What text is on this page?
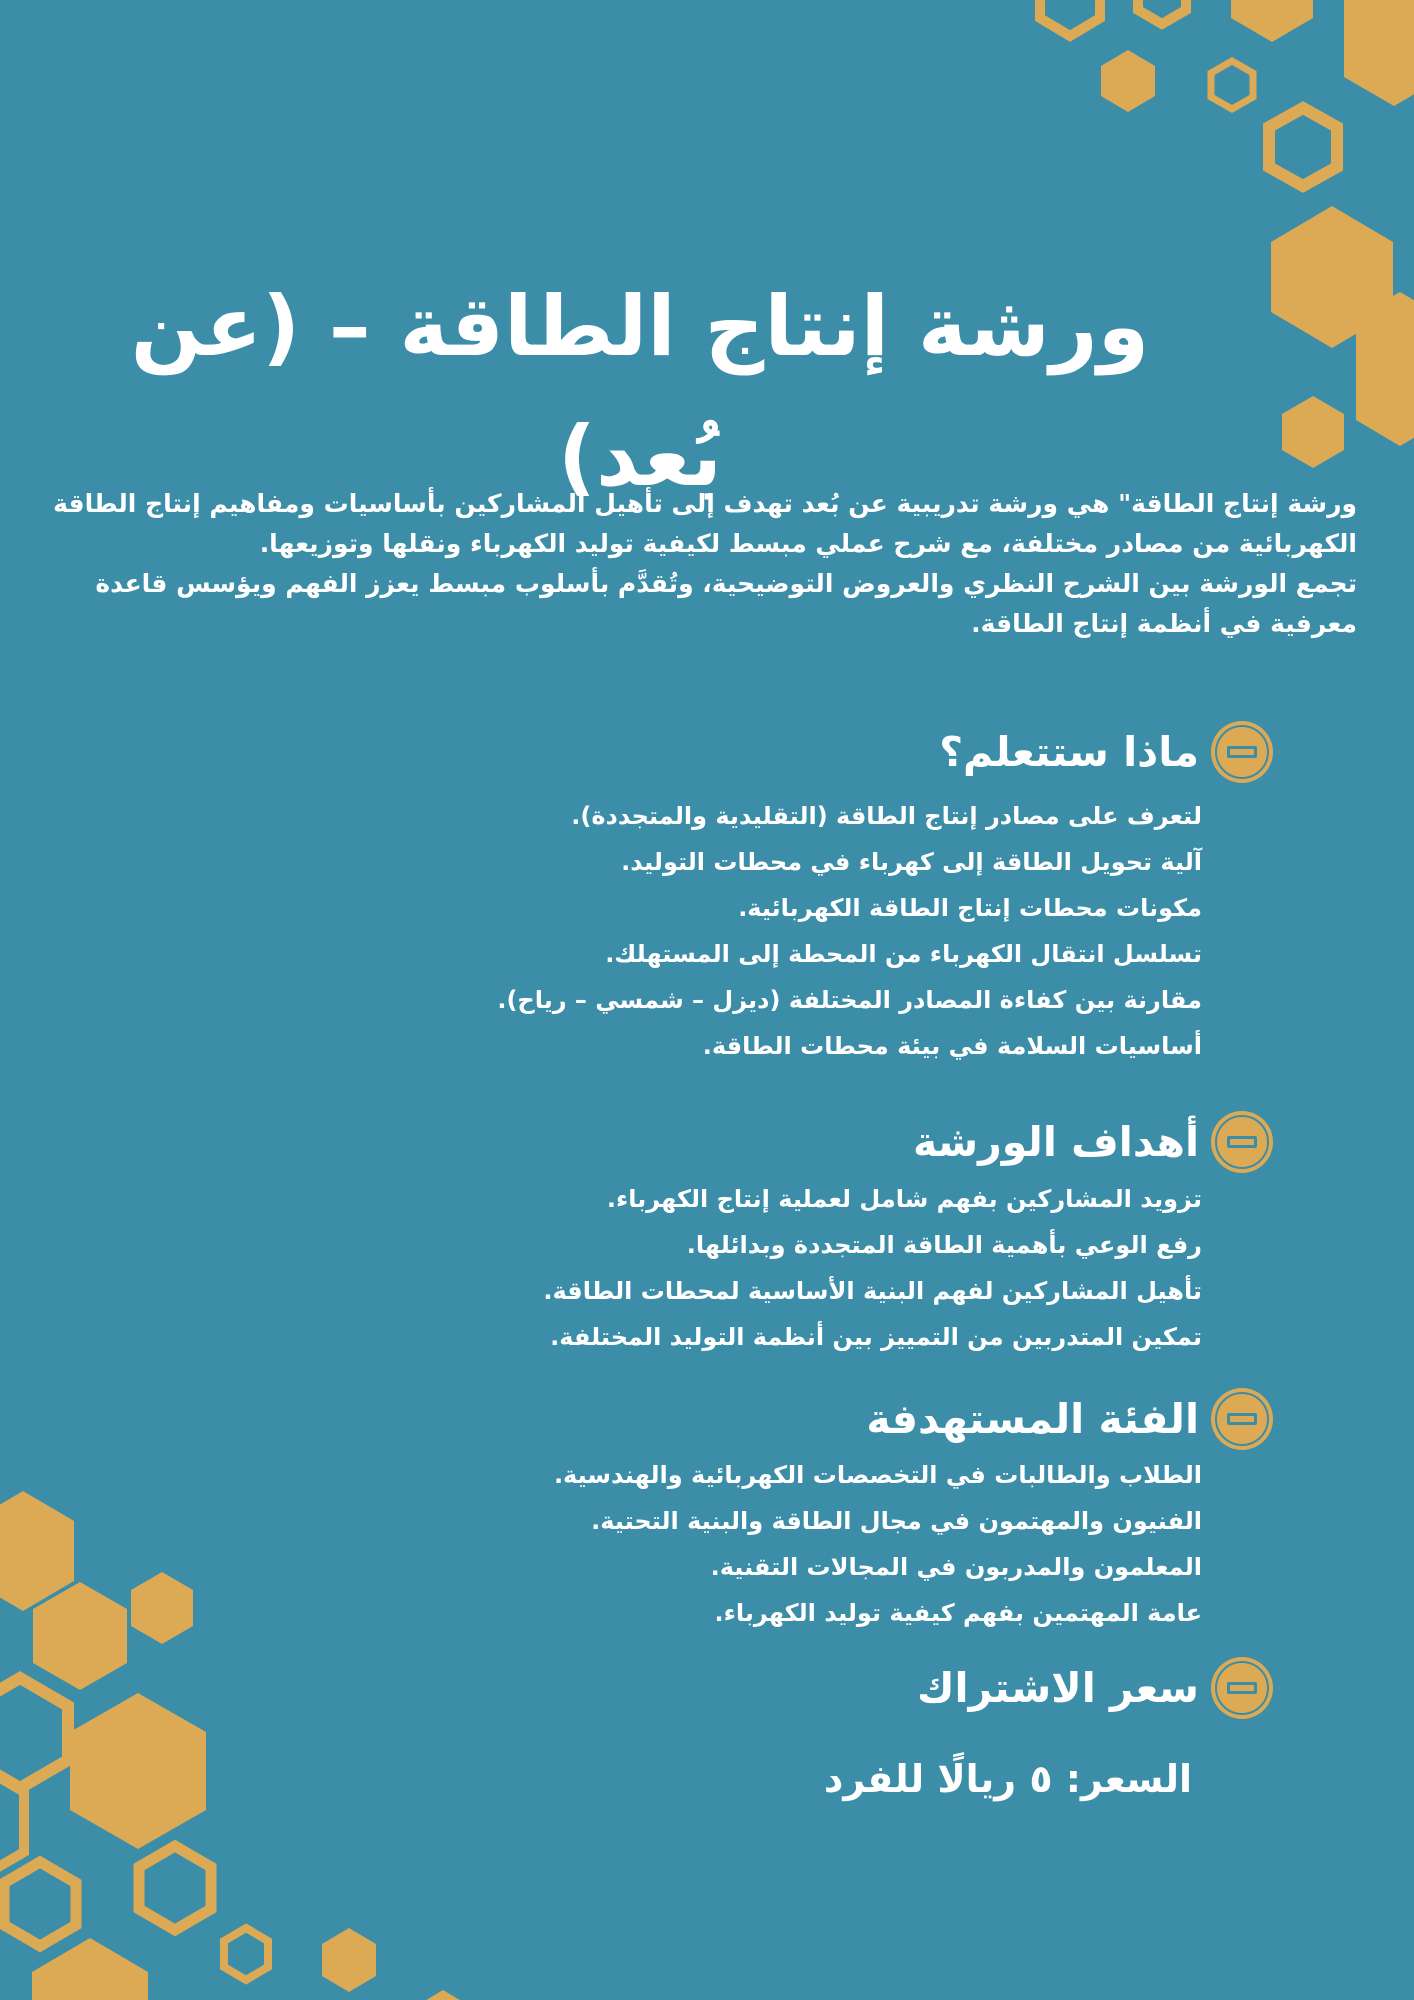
ورشة إنتاج الطاقة – (عن بُعد)

ورشة إنتاج الطاقة" هي ورشة تدريبية عن بُعد تهدف إلى تأهيل المشاركين بأساسيات ومفاهيم إنتاج الطاقة الكهربائية من مصادر مختلفة، مع شرح عملي مبسط لكيفية توليد الكهرباء ونقلها وتوزيعها.

تجمع الورشة بين الشرح النظري والعروض التوضيحية، وتُقدَّم بأسلوب مبسط يعزز الفهم ويؤسس قاعدة معرفية في أنظمة إنتاج الطاقة.

ماذا ستتعلم؟
لتعرف على مصادر إنتاج الطاقة (التقليدية والمتجددة).
آلية تحويل الطاقة إلى كهرباء في محطات التوليد.
مكونات محطات إنتاج الطاقة الكهربائية.
تسلسل انتقال الكهرباء من المحطة إلى المستهلك.
مقارنة بين كفاءة المصادر المختلفة (ديزل – شمسي – رياح).
أساسيات السلامة في بيئة محطات الطاقة.
أهداف الورشة
تزويد المشاركين بفهم شامل لعملية إنتاج الكهرباء.
رفع الوعي بأهمية الطاقة المتجددة وبدائلها.
تأهيل المشاركين لفهم البنية الأساسية لمحطات الطاقة.
تمكين المتدربين من التمييز بين أنظمة التوليد المختلفة.
الفئة المستهدفة
الطلاب والطالبات في التخصصات الكهربائية والهندسية.
الفنيون والمهتمون في مجال الطاقة والبنية التحتية.
المعلمون والمدربون في المجالات التقنية.
عامة المهتمين بفهم كيفية توليد الكهرباء.
سعر الاشتراك
السعر: ٥ ريالًا للفرد
